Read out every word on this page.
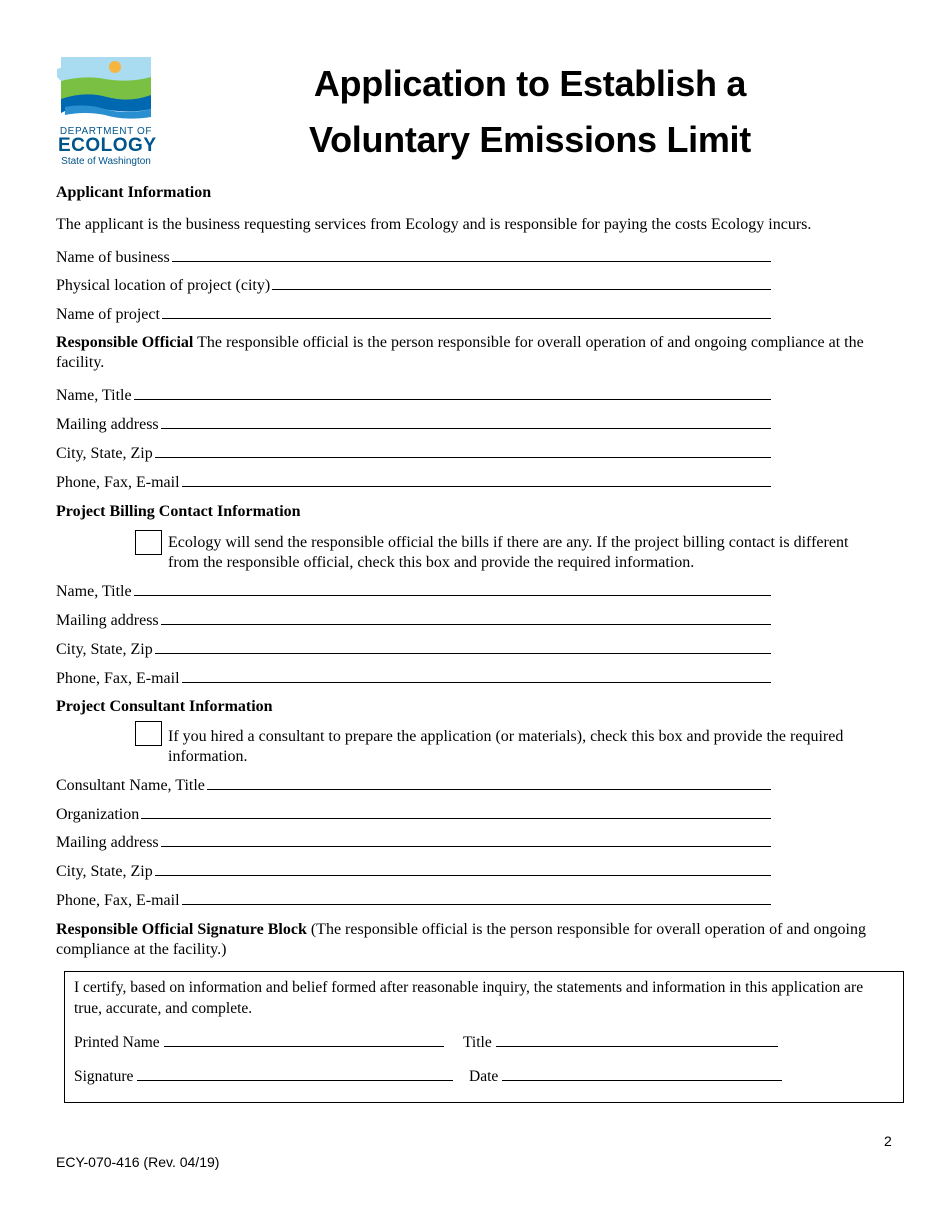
DEPARTMENT OF
ECOLOGY
State of Washington
Application to Establish a
Voluntary Emissions Limit
Applicant Information
The applicant is the business requesting services from Ecology and is responsible for paying the costs Ecology incurs.
Name of business
Physical location of project (city)
Name of project
Responsible Official The responsible official is the person responsible for overall operation of and ongoing compliance at the facility.
Name, Title
Mailing address
City, State, Zip
Phone, Fax, E-mail
Project Billing Contact Information
Ecology will send the responsible official the bills if there are any. If the project billing contact is different from the responsible official, check this box and provide the required information.
Name, Title
Mailing address
City, State, Zip
Phone, Fax, E-mail
Project Consultant Information
If you hired a consultant to prepare the application (or materials), check this box and provide the required information.
Consultant Name, Title
Organization
Mailing address
City, State, Zip
Phone, Fax, E-mail
Responsible Official Signature Block (The responsible official is the person responsible for overall operation of and ongoing compliance at the facility.)
I certify, based on information and belief formed after reasonable inquiry, the statements and information in this application are true, accurate, and complete.
Printed Name	Title
Signature	Date
2
ECY-070-416 (Rev. 04/19)
